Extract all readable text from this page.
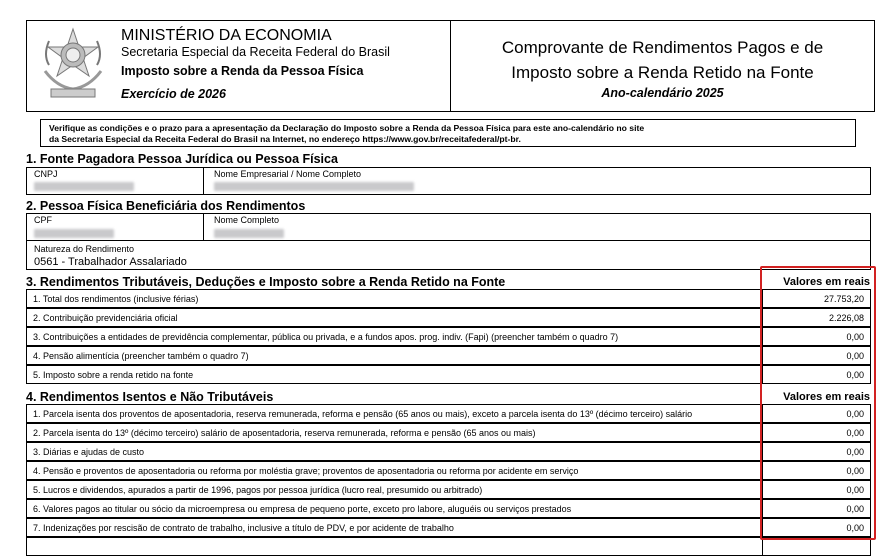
MINISTÉRIO DA ECONOMIA
Secretaria Especial da Receita Federal do Brasil
Imposto sobre a Renda da Pessoa Física
Exercício de 2026
Comprovante de Rendimentos Pagos e de
Imposto sobre a Renda Retido na Fonte
Ano-calendário 2025
Verifique as condições e o prazo para a apresentação da Declaração do Imposto sobre a Renda da Pessoa Física para este ano-calendário no site
da Secretaria Especial da Receita Federal do Brasil na Internet, no endereço https://www.gov.br/receitafederal/pt-br.
1. Fonte Pagadora Pessoa Jurídica ou Pessoa Física
CNPJ	Nome Empresarial / Nome Completo
2. Pessoa Física Beneficiária dos Rendimentos
CPF	Nome Completo
Natureza do Rendimento
0561 - Trabalhador Assalariado
3. Rendimentos Tributáveis, Deduções e Imposto sobre a Renda Retido na Fonte	Valores em reais
1. Total dos rendimentos (inclusive férias)	27.753,20
2. Contribuição previdenciária oficial	2.226,08
3. Contribuições a entidades de previdência complementar, pública ou privada, e a fundos apos. prog. indiv. (Fapi) (preencher também o quadro 7)	0,00
4. Pensão alimentícia (preencher também o quadro 7)	0,00
5. Imposto sobre a renda retido na fonte	0,00
4. Rendimentos Isentos e Não Tributáveis	Valores em reais
1. Parcela isenta dos proventos de aposentadoria, reserva remunerada, reforma e pensão (65 anos ou mais), exceto a parcela isenta do 13º (décimo terceiro) salário	0,00
2. Parcela isenta do 13º (décimo terceiro) salário de aposentadoria, reserva remunerada, reforma e pensão (65 anos ou mais)	0,00
3. Diárias e ajudas de custo	0,00
4. Pensão e proventos de aposentadoria ou reforma por moléstia grave; proventos de aposentadoria ou reforma por acidente em serviço	0,00
5. Lucros e dividendos, apurados a partir de 1996, pagos por pessoa jurídica (lucro real, presumido ou arbitrado)	0,00
6. Valores pagos ao titular ou sócio da microempresa ou empresa de pequeno porte, exceto pro labore, aluguéis ou serviços prestados	0,00
7. Indenizações por rescisão de contrato de trabalho, inclusive a título de PDV, e por acidente de trabalho	0,00
